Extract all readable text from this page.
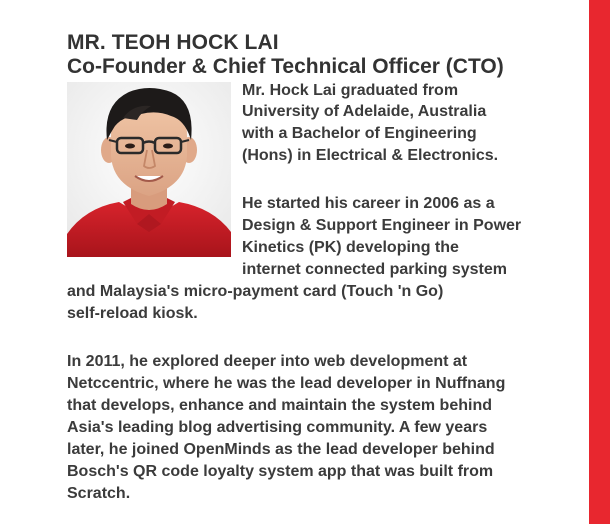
MR. TEOH HOCK LAI
Co-Founder & Chief Technical Officer (CTO)
Mr. Hock Lai graduated from
University of Adelaide, Australia
with a Bachelor of Engineering
(Hons) in Electrical & Electronics.
He started his career in 2006 as a
Design & Support Engineer in Power
Kinetics (PK) developing the
internet connected parking system
and Malaysia's micro-payment card (Touch 'n Go)
self-reload kiosk.
In 2011, he explored deeper into web development at
Netccentric, where he was the lead developer in Nuffnang
that develops, enhance and maintain the system behind
Asia's leading blog advertising community. A few years
later, he joined OpenMinds as the lead developer behind
Bosch's QR code loyalty system app that was built from
Scratch.
